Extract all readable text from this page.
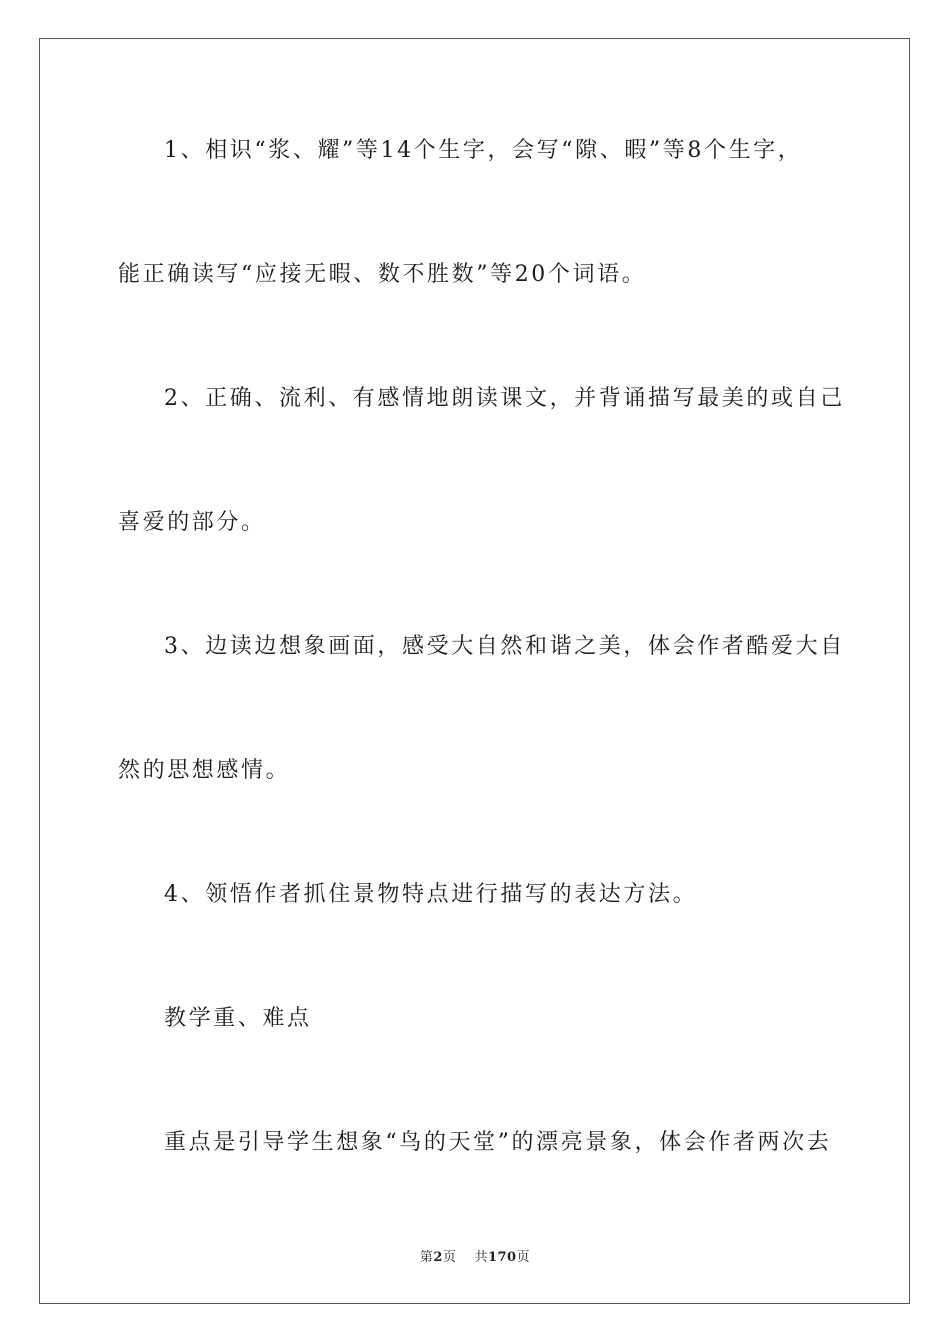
1、相识“浆、耀”等14个生字，会写“隙、暇”等8个生字，
能正确读写“应接无暇、数不胜数”等20个词语。
2、正确、流利、有感情地朗读课文，并背诵描写最美的或自己
喜爱的部分。
3、边读边想象画面，感受大自然和谐之美，体会作者酷爱大自
然的思想感情。
4、领悟作者抓住景物特点进行描写的表达方法。
教学重、难点
重点是引导学生想象“鸟的天堂”的漂亮景象，体会作者两次去
第2页 共170页
